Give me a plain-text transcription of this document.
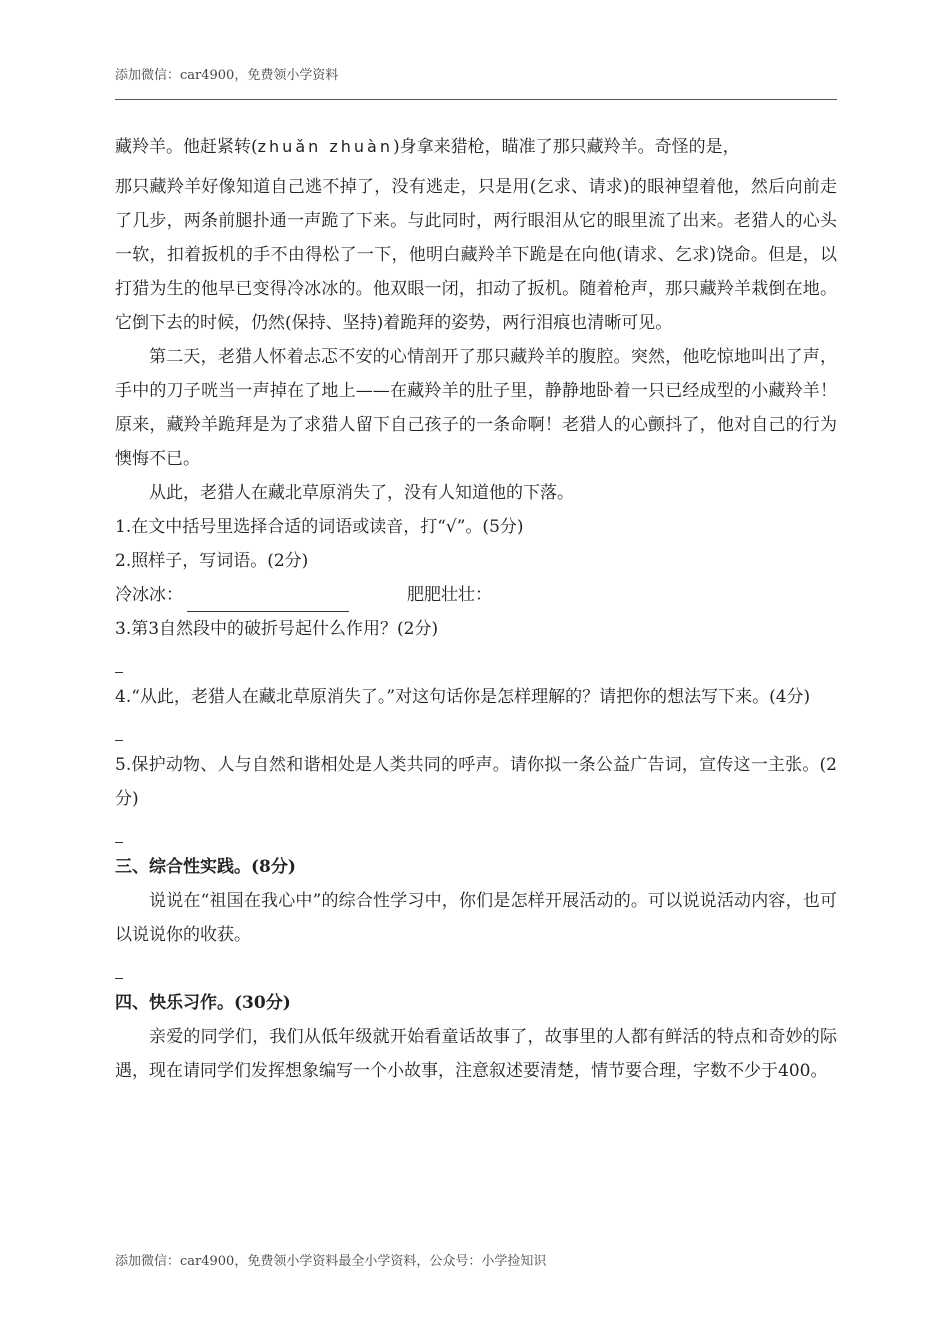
添加微信：car4900，免费领小学资料

藏羚羊。他赶紧转(zhuǎn zhuàn)身拿来猎枪，瞄准了那只藏羚羊。奇怪的是，

那只藏羚羊好像知道自己逃不掉了，没有逃走，只是用(乞求、请求)的眼神望着他，然后向前走了几步，两条前腿扑通一声跪了下来。与此同时，两行眼泪从它的眼里流了出来。老猎人的心头一软，扣着扳机的手不由得松了一下，他明白藏羚羊下跪是在向他(请求、乞求)饶命。但是，以打猎为生的他早已变得冷冰冰的。他双眼一闭，扣动了扳机。随着枪声，那只藏羚羊栽倒在地。它倒下去的时候，仍然(保持、坚持)着跪拜的姿势，两行泪痕也清晰可见。

第二天，老猎人怀着忐忑不安的心情剖开了那只藏羚羊的腹腔。突然，他吃惊地叫出了声，手中的刀子咣当一声掉在了地上——在藏羚羊的肚子里，静静地卧着一只已经成型的小藏羚羊！原来，藏羚羊跪拜是为了求猎人留下自己孩子的一条命啊！老猎人的心颤抖了，他对自己的行为懊悔不已。

从此，老猎人在藏北草原消失了，没有人知道他的下落。

1.在文中括号里选择合适的词语或读音，打“√”。(5分)

2.照样子，写词语。(2分)

冷冰冰：	肥肥壮壮：

3.第3自然段中的破折号起什么作用？(2分)

4.“从此，老猎人在藏北草原消失了。”对这句话你是怎样理解的？请把你的想法写下来。(4分)

5.保护动物、人与自然和谐相处是人类共同的呼声。请你拟一条公益广告词，宣传这一主张。(2分)

三、综合性实践。(8分)

说说在“祖国在我心中”的综合性学习中，你们是怎样开展活动的。可以说说活动内容，也可以说说你的收获。

四、快乐习作。(30分)

亲爱的同学们，我们从低年级就开始看童话故事了，故事里的人都有鲜活的特点和奇妙的际遇，现在请同学们发挥想象编写一个小故事，注意叙述要清楚，情节要合理，字数不少于400。

添加微信：car4900，免费领小学资料最全小学资料，公众号：小学捡知识
